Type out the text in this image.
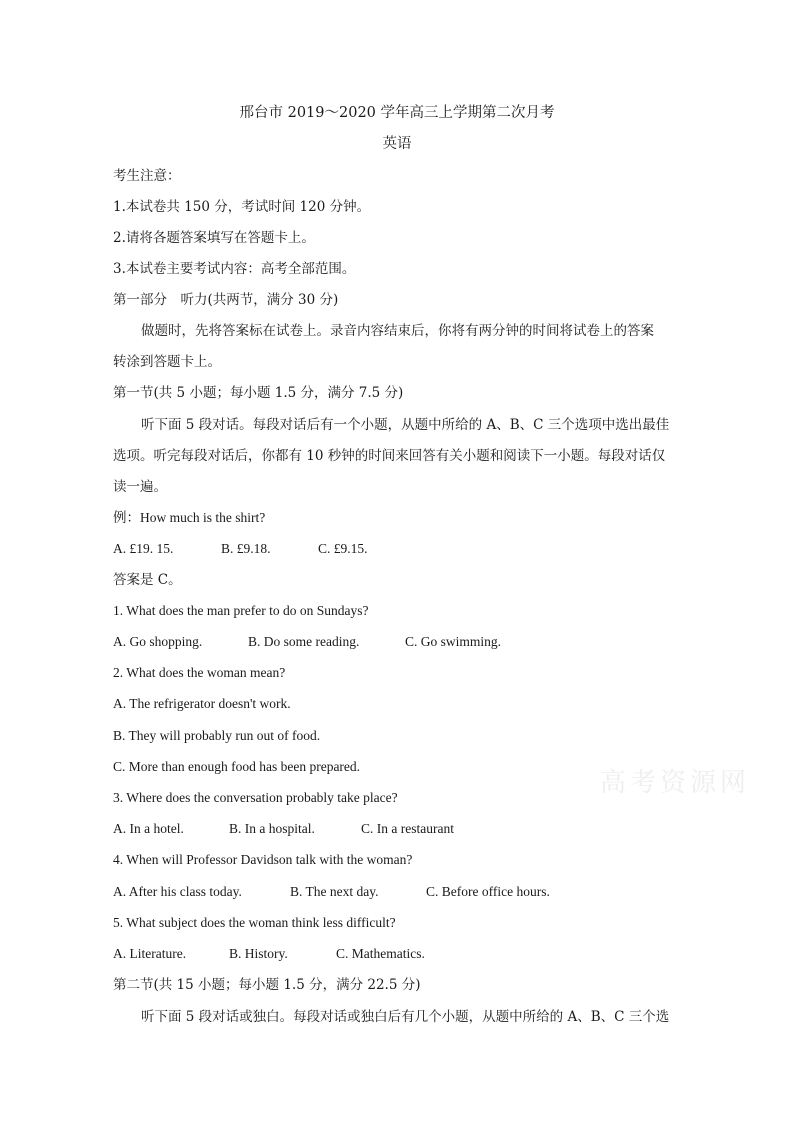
邢台市 2019～2020 学年高三上学期第二次月考
英语
考生注意：
1.本试卷共 150 分，考试时间 120 分钟。
2.请将各题答案填写在答题卡上。
3.本试卷主要考试内容：高考全部范围。
第一部分　听力(共两节，满分 30 分)
做题时，先将答案标在试卷上。录音内容结束后，你将有两分钟的时间将试卷上的答案
转涂到答题卡上。
第一节(共 5 小题；每小题 1.5 分，满分 7.5 分)
听下面 5 段对话。每段对话后有一个小题，从题中所给的 A、B、C 三个选项中选出最佳
选项。听完每段对话后，你都有 10 秒钟的时间来回答有关小题和阅读下一小题。每段对话仅
读一遍。
例：How much is the shirt?
A. £19. 15.	B. £9.18.	C. £9.15.
答案是 C。
1. What does the man prefer to do on Sundays?
A. Go shopping.	B. Do some reading.	C. Go swimming.
2. What does the woman mean?
A. The refrigerator doesn't work.
B. They will probably run out of food.
C. More than enough food has been prepared.
3. Where does the conversation probably take place?
A. In a hotel.	B. In a hospital.	C. In a restaurant
4. When will Professor Davidson talk with the woman?
A. After his class today.	B. The next day.	C. Before office hours.
5. What subject does the woman think less difficult?
A. Literature.	B. History.	C. Mathematics.
第二节(共 15 小题；每小题 1.5 分，满分 22.5 分)
听下面 5 段对话或独白。每段对话或独白后有几个小题，从题中所给的 A、B、C 三个选
高考资源网
